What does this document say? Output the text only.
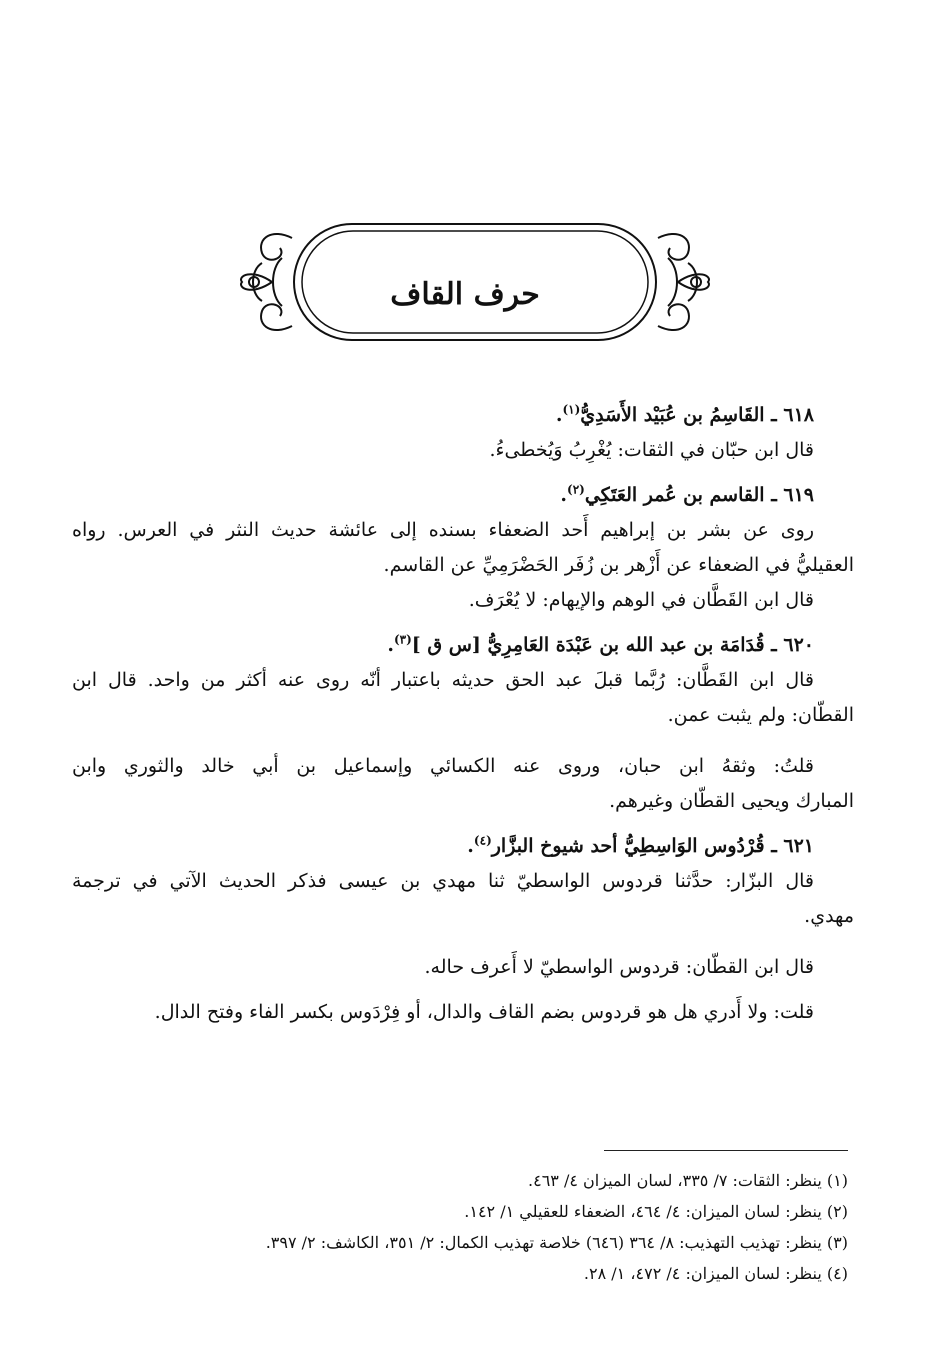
حرف القاف
٦١٨ ـ القَاسِمُ بن عُبَيْد الأَسَدِيُّ$^{(١)}$.
قال ابن حبّان في الثقات: يُغْرِبُ وَيُخطىءُ.
٦١٩ ـ القاسم بن عُمر العَتَكِي$^{(٢)}$.
روى عن بشر بن إبراهيم أَحد الضعفاء بسنده إلى عائشة حديث النثر في العرس. رواه
العقيليُّ في الضعفاء عن أَزْهر بن زُفَر الحَضْرَمِيِّ عن القاسم.
قال ابن القَطَّان في الوهم والإيهام: لا يُعْرَف.
٦٢٠ ـ قُدَامَة بن عبد الله بن عَبْدَة العَامِرِيُّ [س ق ]$^{(٣)}$.
قال ابن القَطَّان: رُبَّما قبلَ عبد الحق حديثه باعتبار أنّه روى عنه أكثر من واحد. قال ابن
القطّان: ولم يثبت عمن.
قلتُ: وثقهُ ابن حبان، وروى عنه الكسائي وإسماعيل بن أبي خالد والثوري وابن
المبارك ويحيى القطّان وغيرهم.
٦٢١ ـ قُرْدُوس الوَاسِطِيُّ أحد شيوخ البزَّار$^{(٤)}$.
قال البزّار: حدَّثنا قردوس الواسطيّ ثنا مهدي بن عيسى فذكر الحديث الآتي في ترجمة
مهدي.
قال ابن القطّان: قردوس الواسطيّ لا أَعرف حاله.
قلت: ولا أَدري هل هو قردوس بضم القاف والدال، أو فِرْدَوس بكسر الفاء وفتح الدال.
(١) ينظر: الثقات: ٧/ ٣٣٥، لسان الميزان ٤/ ٤٦٣.
(٢) ينظر: لسان الميزان: ٤/ ٤٦٤، الضعفاء للعقيلي ١/ ١٤٢.
(٣) ينظر: تهذيب التهذيب: ٨/ ٣٦٤ (٦٤٦) خلاصة تهذيب الكمال: ٢/ ٣٥١، الكاشف: ٢/ ٣٩٧.
(٤) ينظر: لسان الميزان: ٤/ ٤٧٢، ١/ ٢٨.
